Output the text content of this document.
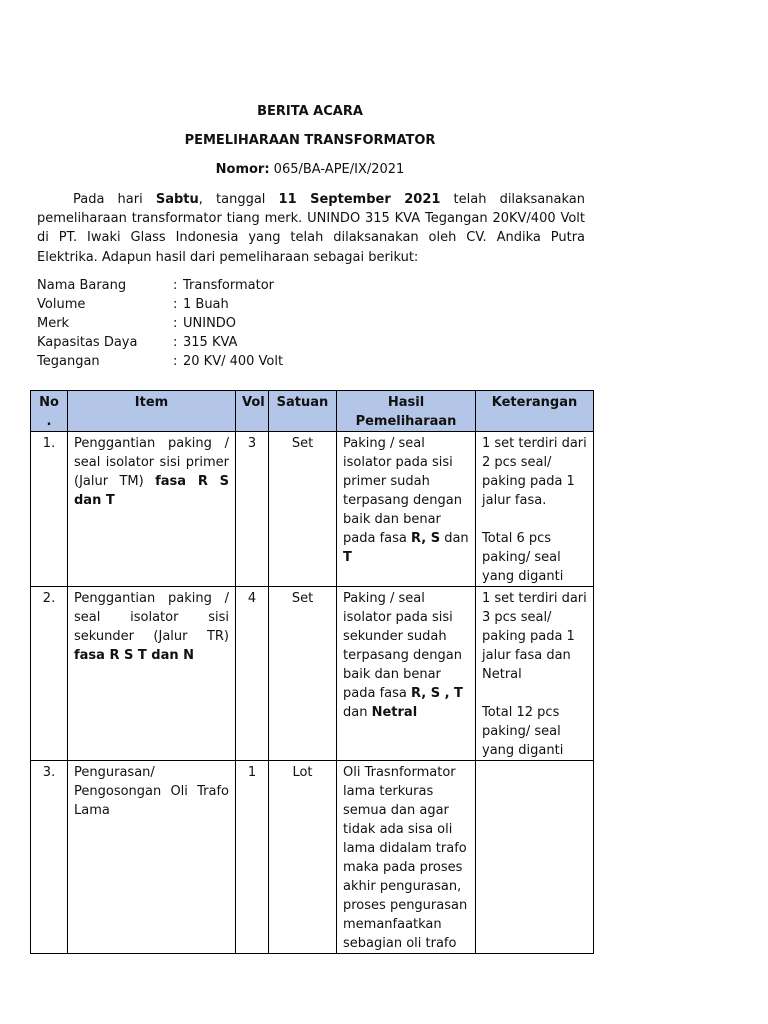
BERITA ACARA
PEMELIHARAAN TRANSFORMATOR
Nomor: 065/BA-APE/IX/2021
Pada hari Sabtu, tanggal 11 September 2021 telah dilaksanakan pemeliharaan transformator tiang merk. UNINDO 315 KVA Tegangan 20KV/400 Volt di PT. Iwaki Glass Indonesia yang telah dilaksanakan oleh CV. Andika Putra Elektrika. Adapun hasil dari pemeliharaan sebagai berikut:
Nama Barang	: Transformator
Volume	: 1 Buah
Merk	: UNINDO
Kapasitas Daya	: 315 KVA
Tegangan	: 20 KV/ 400 Volt
No .	Item	Vol	Satuan	Hasil Pemeliharaan	Keterangan
1.	Penggantian paking / seal isolator sisi primer (Jalur TM) fasa R S dan T	3	Set	Paking / seal isolator pada sisi primer sudah terpasang dengan baik dan benar pada fasa R, S dan T	1 set terdiri dari 2 pcs seal/ paking pada 1 jalur fasa.
Total 6 pcs paking/ seal yang diganti

2.	Penggantian paking / seal isolator sisi sekunder (Jalur TR) fasa R S T dan N	4	Set	Paking / seal isolator pada sisi sekunder sudah terpasang dengan baik dan benar pada fasa R, S , T dan Netral	1 set terdiri dari 3 pcs seal/ paking pada 1 jalur fasa dan Netral
Total 12 pcs paking/ seal yang diganti

3.	Pengurasan/ Pengosongan Oli Trafo Lama	1	Lot	Oli Trasnformator lama terkuras semua dan agar tidak ada sisa oli lama didalam trafo maka pada proses akhir pengurasan, proses pengurasan memanfaatkan sebagian oli trafo	
